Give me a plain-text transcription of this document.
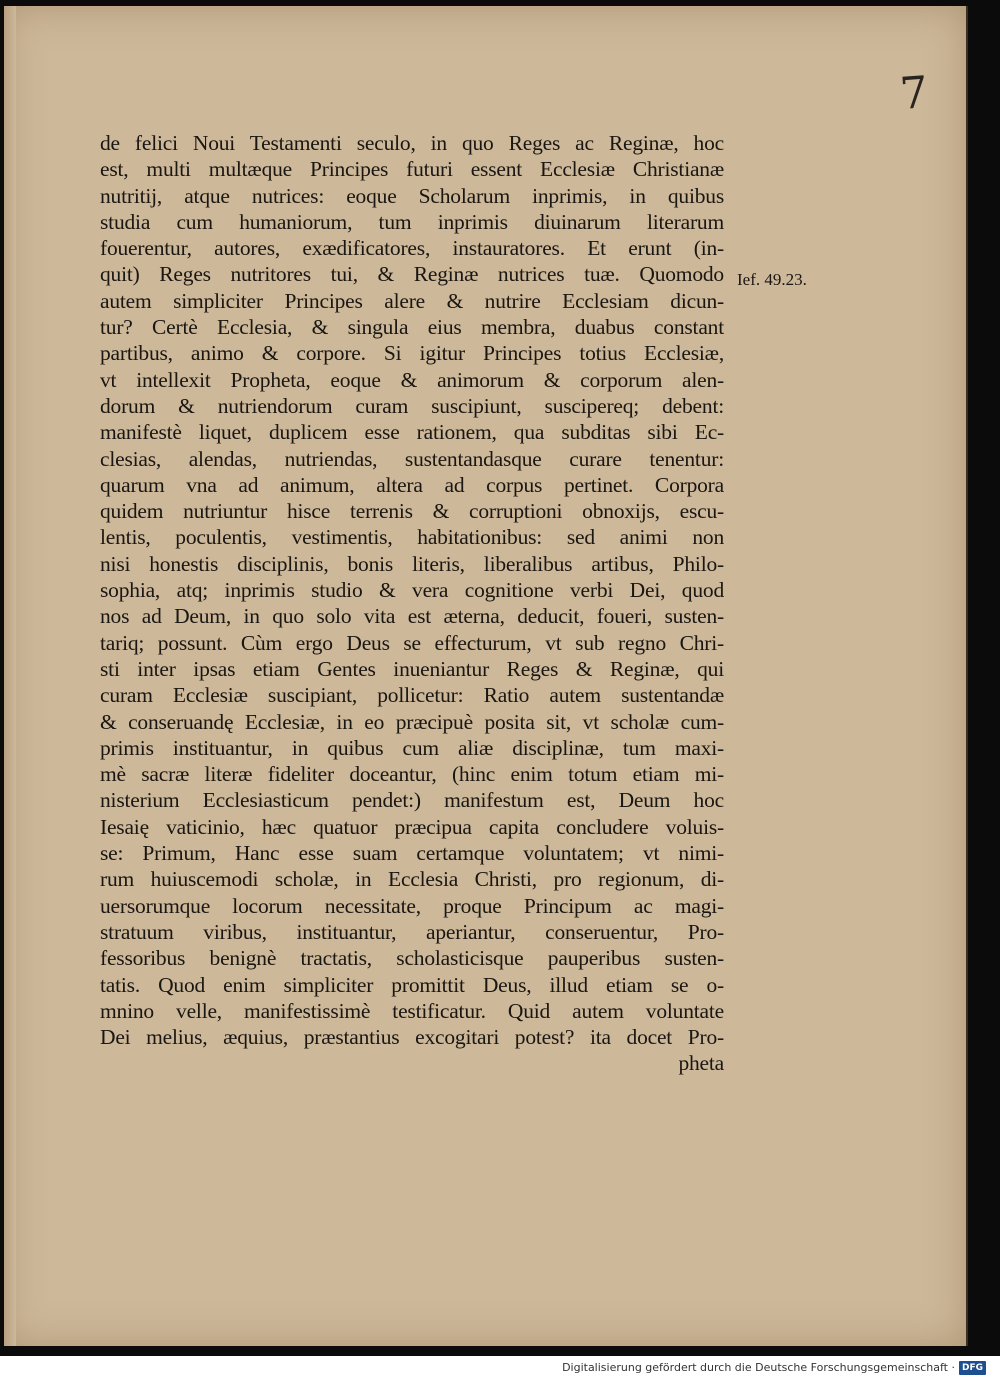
7
Ief. 49.23.
de felici Noui Testamenti seculo, in quo Reges ac Reginæ, hoc
est, multi multæque Principes futuri essent Ecclesiæ Christianæ
nutritij, atque nutrices: eoque Scholarum inprimis, in quibus
studia cum humaniorum, tum inprimis diuinarum literarum
fouerentur, autores, exædificatores, instauratores. Et erunt (in-
quit) Reges nutritores tui, & Reginæ nutrices tuæ. Quomodo
autem simpliciter Principes alere & nutrire Ecclesiam dicun-
tur? Certè Ecclesia, & singula eius membra, duabus constant
partibus, animo & corpore. Si igitur Principes totius Ecclesiæ,
vt intellexit Propheta, eoque & animorum & corporum alen-
dorum & nutriendorum curam suscipiunt, suscipereq; debent:
manifestè liquet, duplicem esse rationem, qua subditas sibi Ec-
clesias, alendas, nutriendas, sustentandasque curare tenentur:
quarum vna ad animum, altera ad corpus pertinet. Corpora
quidem nutriuntur hisce terrenis & corruptioni obnoxijs, escu-
lentis, poculentis, vestimentis, habitationibus: sed animi non
nisi honestis disciplinis, bonis literis, liberalibus artibus, Philo-
sophia, atq; inprimis studio & vera cognitione verbi Dei, quod
nos ad Deum, in quo solo vita est æterna, deducit, foueri, susten-
tariq; possunt. Cùm ergo Deus se effecturum, vt sub regno Chri-
sti inter ipsas etiam Gentes inueniantur Reges & Reginæ, qui
curam Ecclesiæ suscipiant, pollicetur: Ratio autem sustentandæ
& conseruandę Ecclesiæ, in eo præcipuè posita sit, vt scholæ cum-
primis instituantur, in quibus cum aliæ disciplinæ, tum maxi-
mè sacræ literæ fideliter doceantur, (hinc enim totum etiam mi-
nisterium Ecclesiasticum pendet:) manifestum est, Deum hoc
Iesaię vaticinio, hæc quatuor præcipua capita concludere voluis-
se: Primum, Hanc esse suam certamque voluntatem; vt nimi-
rum huiuscemodi scholæ, in Ecclesia Christi, pro regionum, di-
uersorumque locorum necessitate, proque Principum ac magi-
stratuum viribus, instituantur, aperiantur, conseruentur, Pro-
fessoribus benignè tractatis, scholasticisque pauperibus susten-
tatis. Quod enim simpliciter promittit Deus, illud etiam se o-
mnino velle, manifestissimè testificatur. Quid autem voluntate
Dei melius, æquius, præstantius excogitari potest? ita docet Pro-
pheta
Digitalisierung gefördert durch die Deutsche Forschungsgemeinschaft · DFG
